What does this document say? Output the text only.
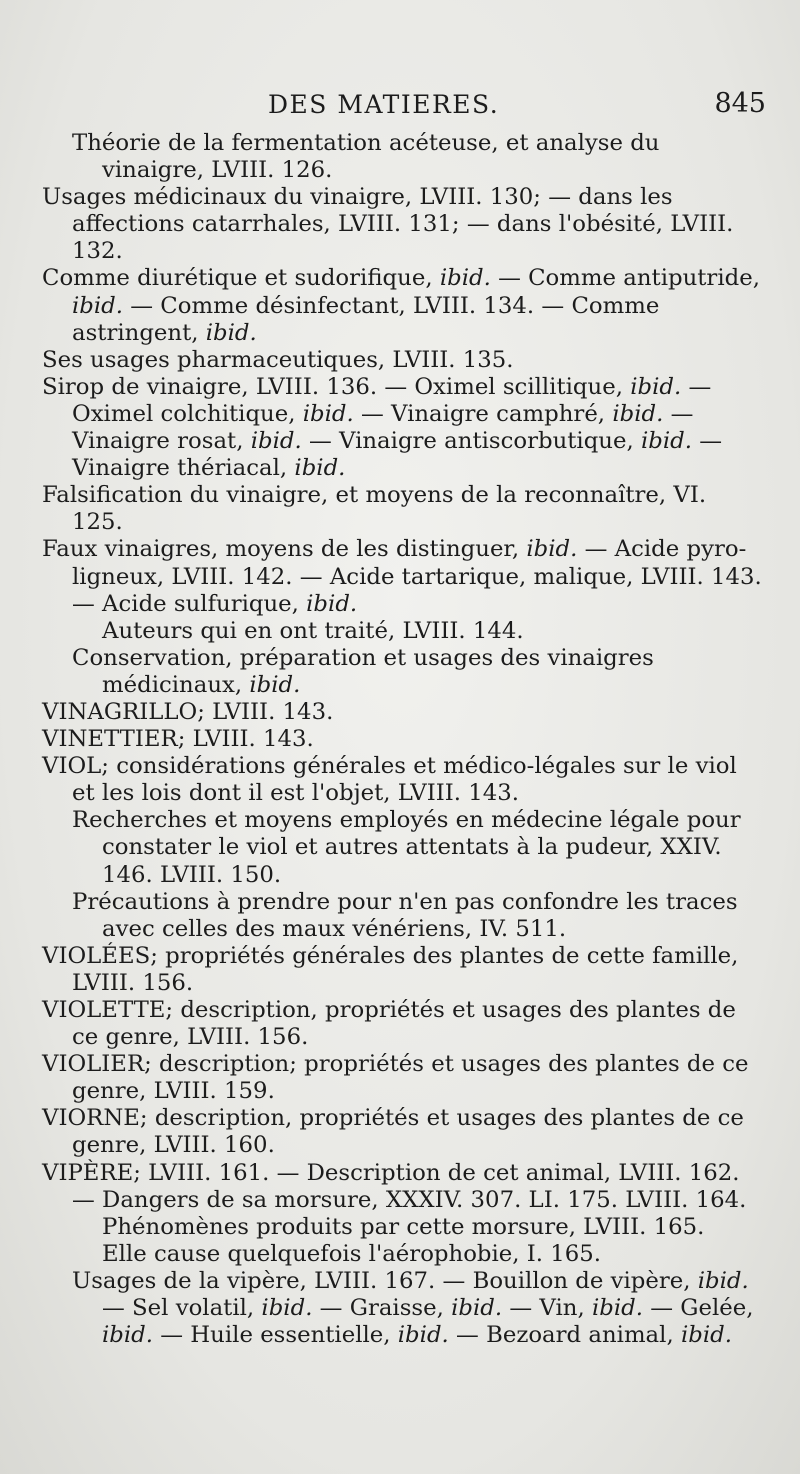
DES MATIERES.	845

Théorie de la fermentation acéteuse, et analyse du vinaigre, LVIII. 126.

Usages médicinaux du vinaigre, LVIII. 130; — dans les affections catarrhales, LVIII. 131; — dans l'obésité, LVIII. 132.

Comme diurétique et sudorifique, ibid. — Comme antiputride, ibid. — Comme désinfectant, LVIII. 134. — Comme astringent, ibid.

Ses usages pharmaceutiques, LVIII. 135.

Sirop de vinaigre, LVIII. 136. — Oximel scillitique, ibid. — Oximel colchitique, ibid. — Vinaigre camphré, ibid. — Vinaigre rosat, ibid. — Vinaigre antiscorbutique, ibid. — Vinaigre thériacal, ibid.

Falsification du vinaigre, et moyens de la reconnaître, VI. 125.

Faux vinaigres, moyens de les distinguer, ibid. — Acide pyro-ligneux, LVIII. 142. — Acide tartarique, malique, LVIII. 143. — Acide sulfurique, ibid.

Auteurs qui en ont traité, LVIII. 144.

Conservation, préparation et usages des vinaigres médicinaux, ibid.

VINAGRILLO; LVIII. 143.

VINETTIER; LVIII. 143.

VIOL; considérations générales et médico-légales sur le viol et les lois dont il est l'objet, LVIII. 143.

Recherches et moyens employés en médecine légale pour constater le viol et autres attentats à la pudeur, XXIV. 146. LVIII. 150.

Précautions à prendre pour n'en pas confondre les traces avec celles des maux vénériens, IV. 511.

VIOLÉES; propriétés générales des plantes de cette famille, LVIII. 156.

VIOLETTE; description, propriétés et usages des plantes de ce genre, LVIII. 156.

VIOLIER; description; propriétés et usages des plantes de ce genre, LVIII. 159.

VIORNE; description, propriétés et usages des plantes de ce genre, LVIII. 160.

VIPÈRE; LVIII. 161. — Description de cet animal, LVIII. 162. — Dangers de sa morsure, XXXIV. 307. LI. 175. LVIII. 164.

Phénomènes produits par cette morsure, LVIII. 165.

Elle cause quelquefois l'aérophobie, I. 165.

Usages de la vipère, LVIII. 167. — Bouillon de vipère, ibid. — Sel volatil, ibid. — Graisse, ibid. — Vin, ibid. — Gelée, ibid. — Huile essentielle, ibid. — Bezoard animal, ibid.
